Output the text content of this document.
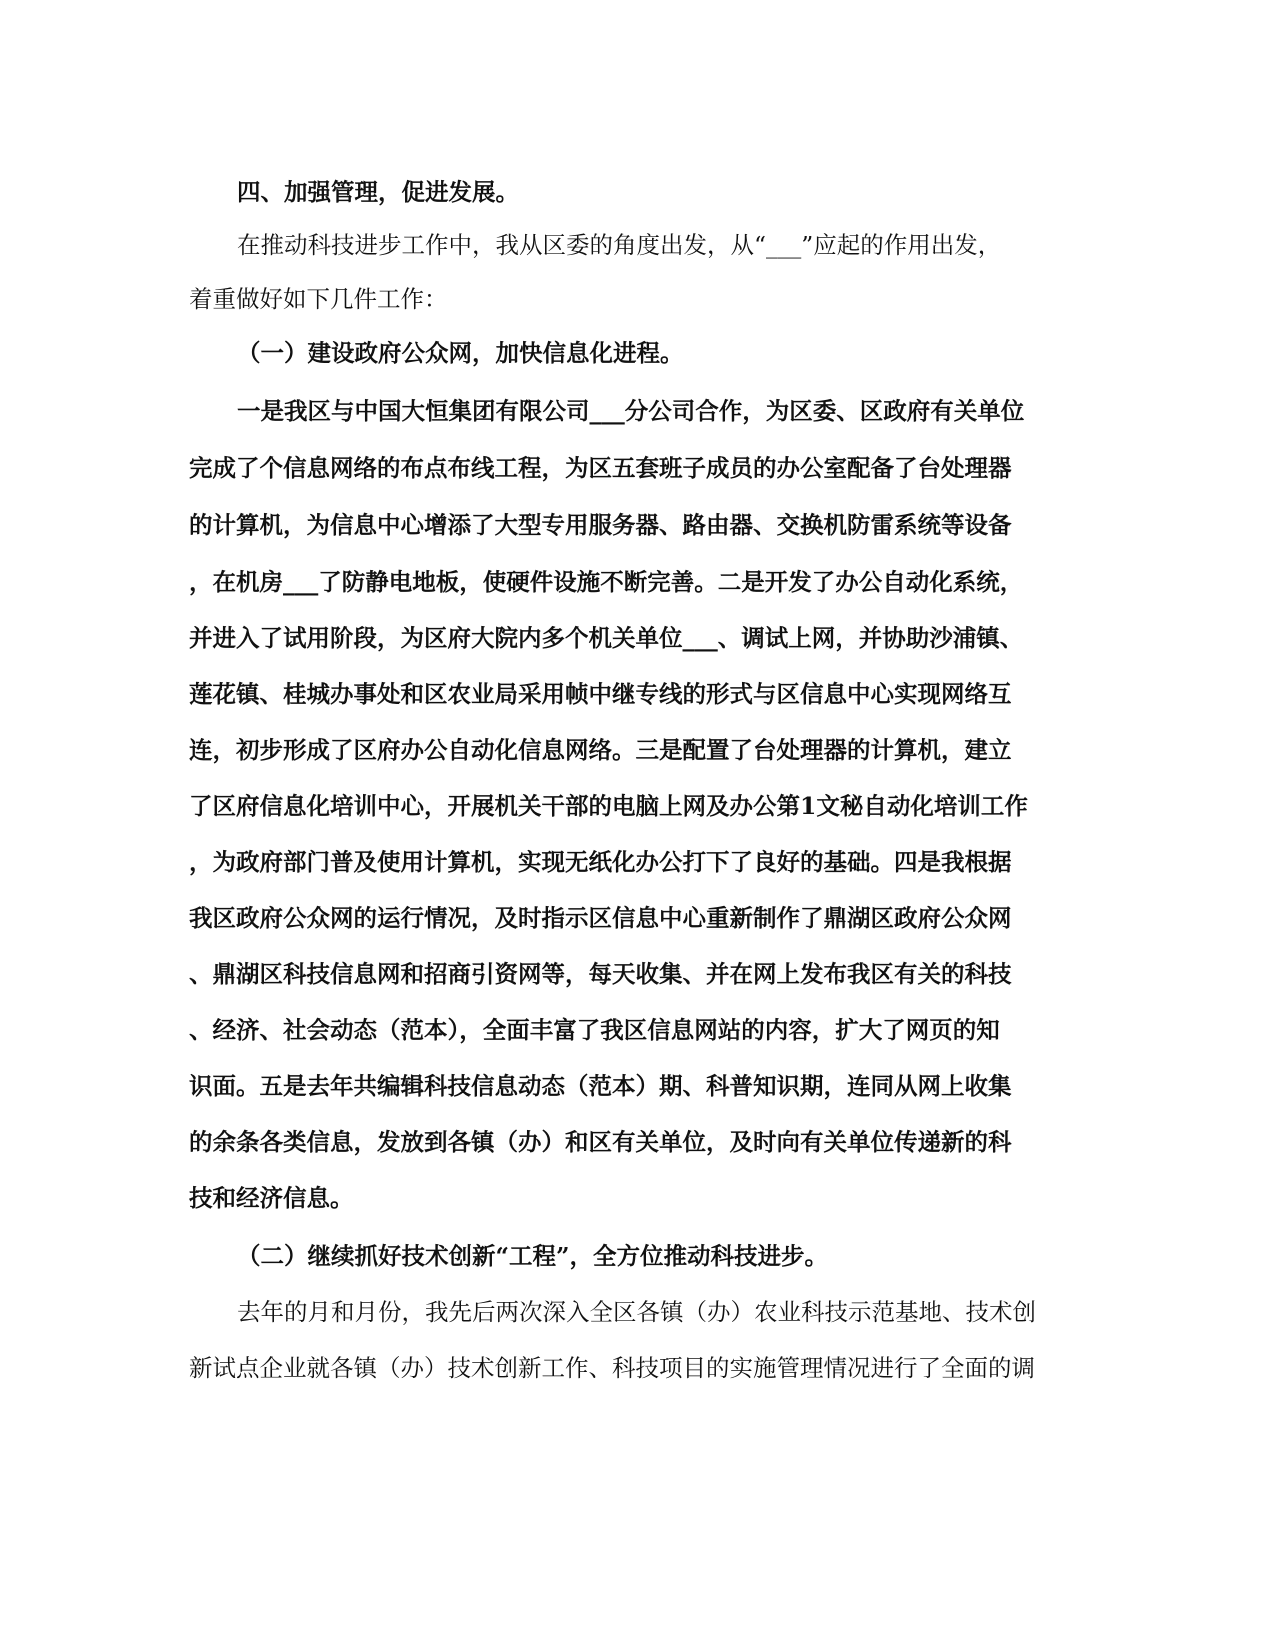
四、加强管理，促进发展。
在推动科技进步工作中，我从区委的角度出发，从“___”应起的作用出发，
着重做好如下几件工作：
（一）建设政府公众网，加快信息化进程。
一是我区与中国大恒集团有限公司___分公司合作，为区委、区政府有关单位
完成了个信息网络的布点布线工程，为区五套班子成员的办公室配备了台处理器
的计算机，为信息中心增添了大型专用服务器、路由器、交换机防雷系统等设备
，在机房___了防静电地板，使硬件设施不断完善。二是开发了办公自动化系统，
并进入了试用阶段，为区府大院内多个机关单位___、调试上网，并协助沙浦镇、
莲花镇、桂城办事处和区农业局采用帧中继专线的形式与区信息中心实现网络互
连，初步形成了区府办公自动化信息网络。三是配置了台处理器的计算机，建立
了区府信息化培训中心，开展机关干部的电脑上网及办公第1文秘自动化培训工作
，为政府部门普及使用计算机，实现无纸化办公打下了良好的基础。四是我根据
我区政府公众网的运行情况，及时指示区信息中心重新制作了鼎湖区政府公众网
、鼎湖区科技信息网和招商引资网等，每天收集、并在网上发布我区有关的科技
、经济、社会动态（范本），全面丰富了我区信息网站的内容，扩大了网页的知
识面。五是去年共编辑科技信息动态（范本）期、科普知识期，连同从网上收集
的余条各类信息，发放到各镇（办）和区有关单位，及时向有关单位传递新的科
技和经济信息。
（二）继续抓好技术创新“工程”，全方位推动科技进步。
去年的月和月份，我先后两次深入全区各镇（办）农业科技示范基地、技术创
新试点企业就各镇（办）技术创新工作、科技项目的实施管理情况进行了全面的调
